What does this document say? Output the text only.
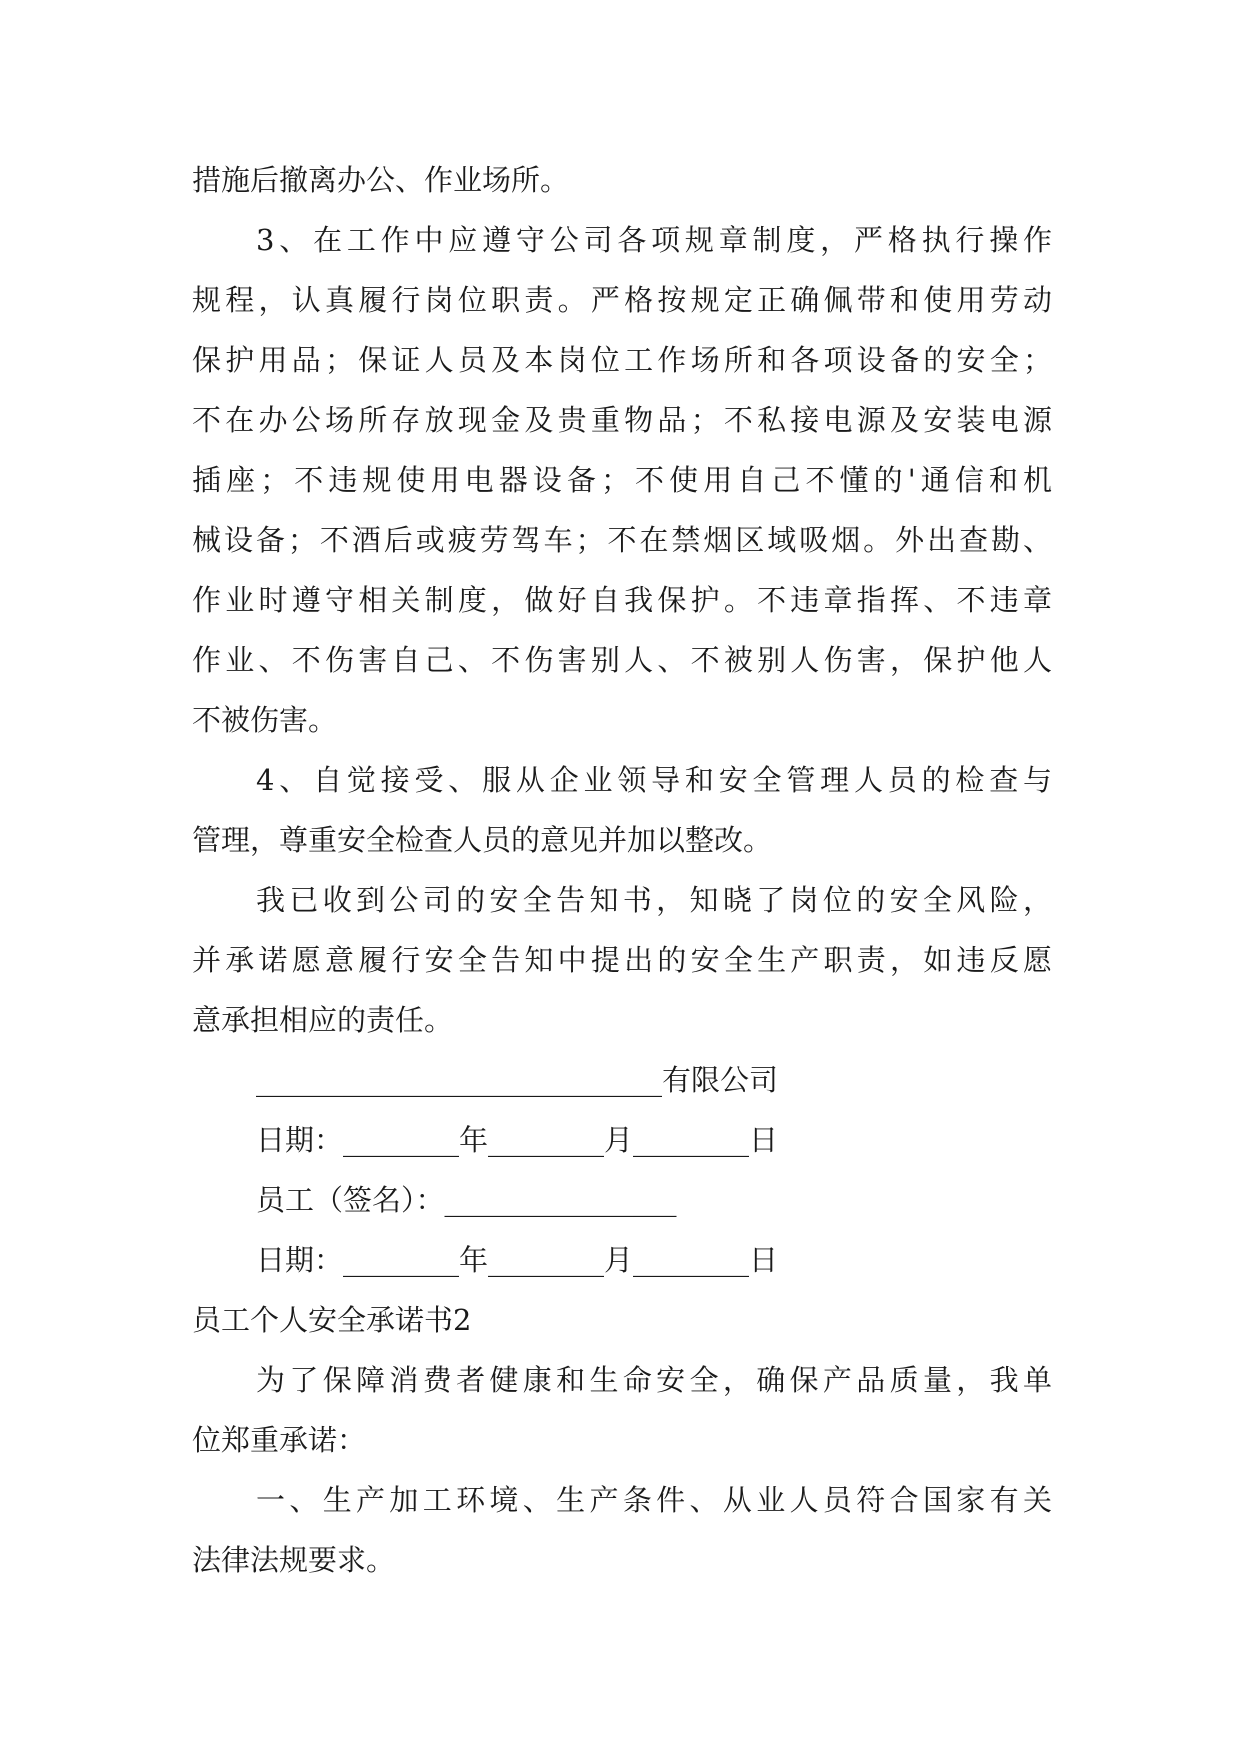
措施后撤离办公、作业场所。
3、在工作中应遵守公司各项规章制度，严格执行操作
规程，认真履行岗位职责。严格按规定正确佩带和使用劳动
保护用品；保证人员及本岗位工作场所和各项设备的安全；
不在办公场所存放现金及贵重物品；不私接电源及安装电源
插座；不违规使用电器设备；不使用自己不懂的'通信和机
械设备；不酒后或疲劳驾车；不在禁烟区域吸烟。外出查勘、
作业时遵守相关制度，做好自我保护。不违章指挥、不违章
作业、不伤害自己、不伤害别人、不被别人伤害，保护他人
不被伤害。
4、自觉接受、服从企业领导和安全管理人员的检查与
管理，尊重安全检查人员的意见并加以整改。
我已收到公司的安全告知书，知晓了岗位的安全风险，
并承诺愿意履行安全告知中提出的安全生产职责，如违反愿
意承担相应的责任。
____________________________有限公司
日期：________年________月________日
员工（签名）：________________
日期：________年________月________日
员工个人安全承诺书2
为了保障消费者健康和生命安全，确保产品质量，我单
位郑重承诺：
一、生产加工环境、生产条件、从业人员符合国家有关
法律法规要求。
